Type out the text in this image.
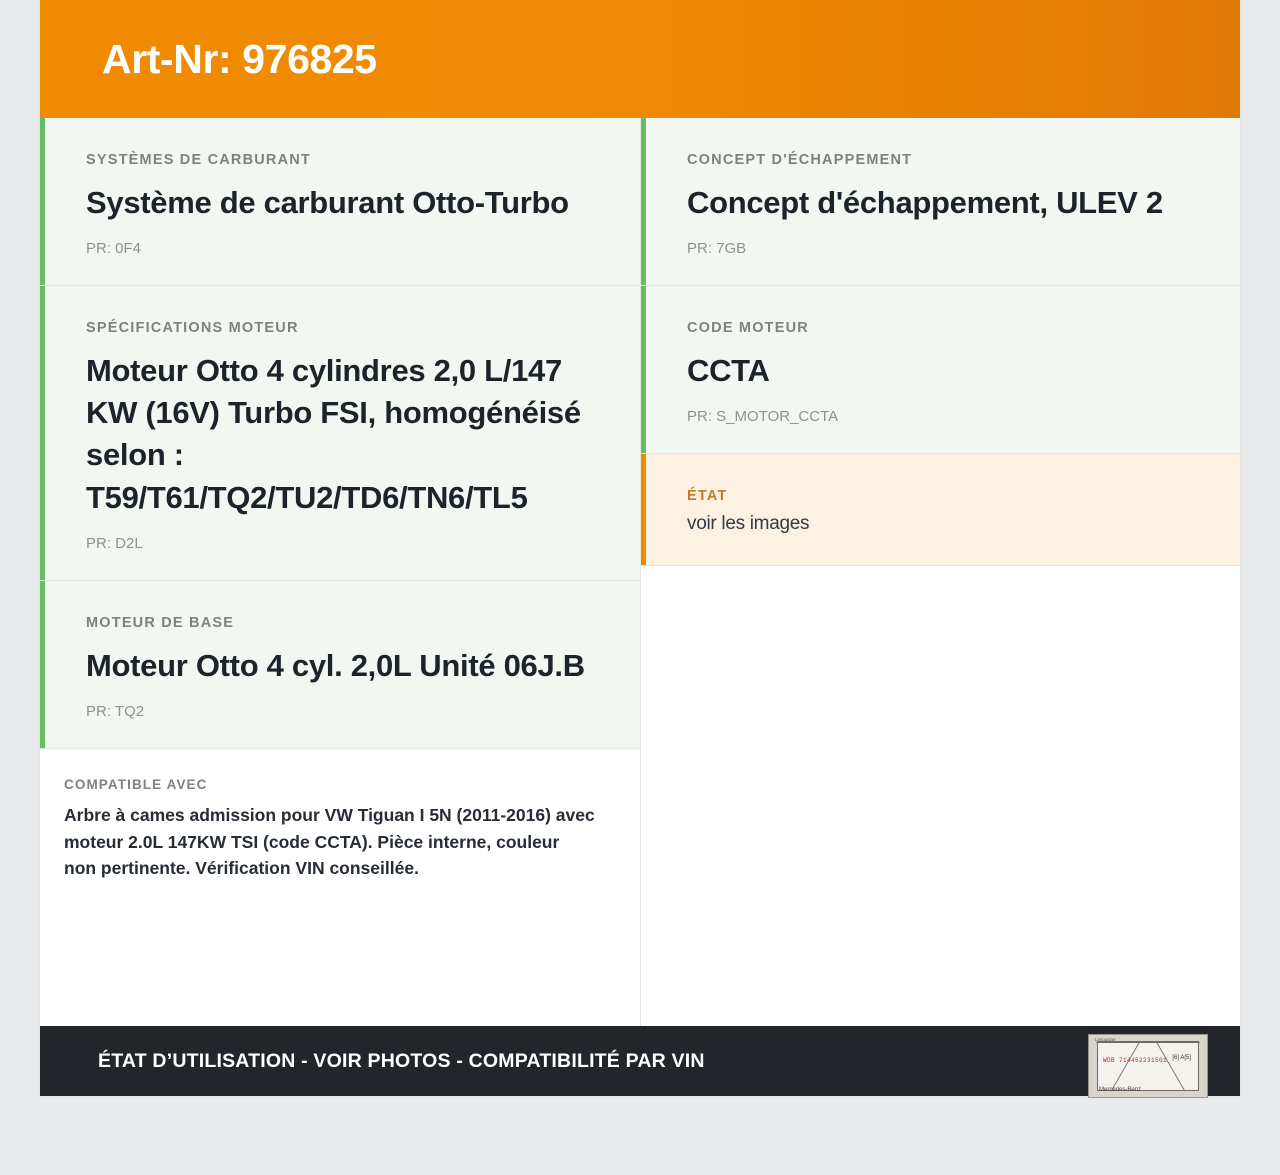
Art-Nr: 976825
SYSTÈMES DE CARBURANT
Système de carburant Otto-Turbo
PR: 0F4
SPÉCIFICATIONS MOTEUR
Moteur Otto 4 cylindres 2,0 L/147 KW (16V) Turbo FSI, homogénéisé selon : T59/T61/TQ2/TU2/TD6/TN6/TL5
PR: D2L
MOTEUR DE BASE
Moteur Otto 4 cyl. 2,0L Unité 06J.B
PR: TQ2
COMPATIBLE AVEC
Arbre à cames admission pour VW Tiguan I 5N (2011-2016) avec moteur 2.0L 147KW TSI (code CCTA). Pièce interne, couleur non pertinente. Vérification VIN conseillée.
CONCEPT D'ÉCHAPPEMENT
Concept d'échappement, ULEV 2
PR: 7GB
CODE MOTEUR
CCTA
PR: S_MOTOR_CCTA
ÉTAT
voir les images
ÉTAT D’UTILISATION - VOIR PHOTOS - COMPATIBILITÉ PAR VIN
Limousine
WDB 714452231501 [6] A[5]
Mercedes-Benz
